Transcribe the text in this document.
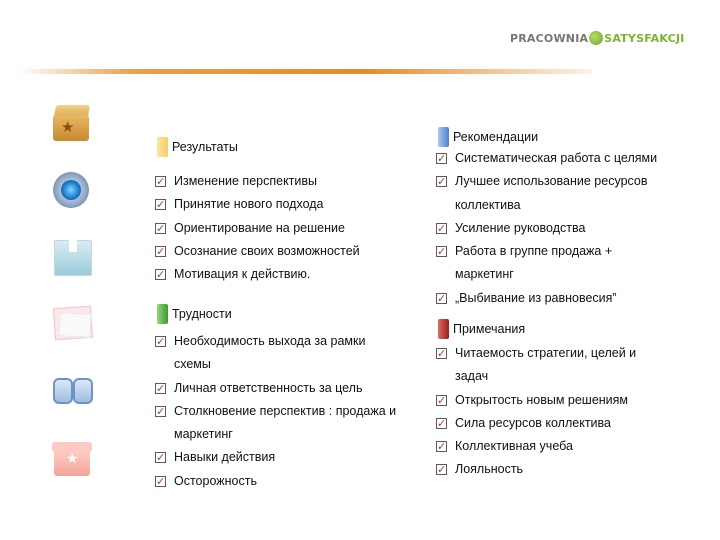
PRACOWNIA SATYSFAKCJI
★
★
Результаты
✓ Изменение перспективы
✓ Принятие нового подхода
✓ Ориентирование на решение
✓ Осознание своих возможностей
✓ Мотивация к действию.
Трудности
✓ Необходимость выхода за рамки схемы
✓ Личная ответственность за цель
✓ Столкновение перспектив : продажа и маркетинг
✓ Навыки действия
✓ Осторожность
Рекомендации
✓ Систематическая работа с целями
✓ Лучшее использование ресурсов коллектива
✓ Усиление руководства
✓ Работа в группе продажа + маркетинг
✓ „Выбивание из равновесия”
Примечания
✓ Читаемость стратегии, целей и задач
✓ Открытость новым решениям
✓ Сила ресурсов коллектива
✓ Коллективная учеба
✓ Лояльность
